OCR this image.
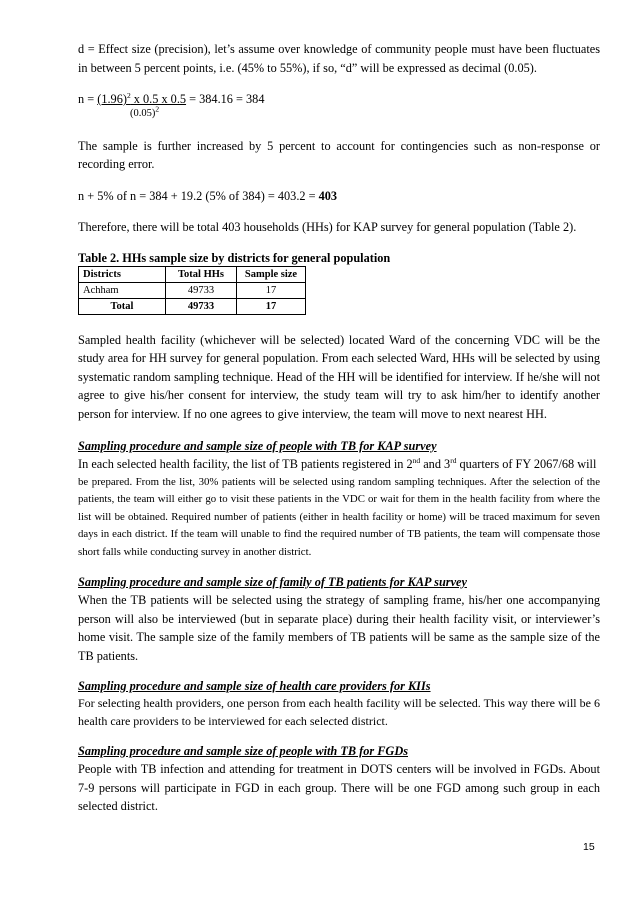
d = Effect size (precision), let’s assume over knowledge of community people must have been fluctuates in between 5 percent points, i.e. (45% to 55%), if so, “d” will be expressed as decimal (0.05).

$n = (1.96)^2$ x 0.5 x 0.5 = 384.16 = 384

$(0.05)^2$

The sample is further increased by 5 percent to account for contingencies such as non-response or recording error.

n + 5% of n = 384 + 19.2 (5% of 384) = 403.2 = 403

Therefore, there will be total 403 households (HHs) for KAP survey for general population (Table 2).

Table 2. HHs sample size by districts for general population
Districts	Total HHs	Sample size
Achham	49733	17
Total	49733	17

Sampled health facility (whichever will be selected) located Ward of the concerning VDC will be the study area for HH survey for general population. From each selected Ward, HHs will be selected by using systematic random sampling technique. Head of the HH will be identified for interview. If he/she will not agree to give his/her consent for interview, the study team will try to ask him/her to identify another person for interview. If no one agrees to give interview, the team will move to next nearest HH.

Sampling procedure and sample size of people with TB for KAP survey

In each selected health facility, the list of TB patients registered in 2nd and 3rd quarters of FY 2067/68 will

be prepared. From the list, 30% patients will be selected using random sampling techniques. After the selection of the patients, the team will either go to visit these patients in the VDC or wait for them in the health facility from where the list will be obtained. Required number of patients (either in health facility or home) will be traced maximum for seven days in each district. If the team will unable to find the required number of TB patients, the team will compensate those short falls while conducting survey in another district.

Sampling procedure and sample size of family of TB patients for KAP survey

When the TB patients will be selected using the strategy of sampling frame, his/her one accompanying person will also be interviewed (but in separate place) during their health facility visit, or interviewer’s home visit. The sample size of the family members of TB patients will be same as the sample size of the TB patients.

Sampling procedure and sample size of health care providers for KIIs

For selecting health providers, one person from each health facility will be selected. This way there will be 6 health care providers to be interviewed for each selected district.

Sampling procedure and sample size of people with TB for FGDs

People with TB infection and attending for treatment in DOTS centers will be involved in FGDs. About 7-9 persons will participate in FGD in each group. There will be one FGD among such group in each selected district.

15
